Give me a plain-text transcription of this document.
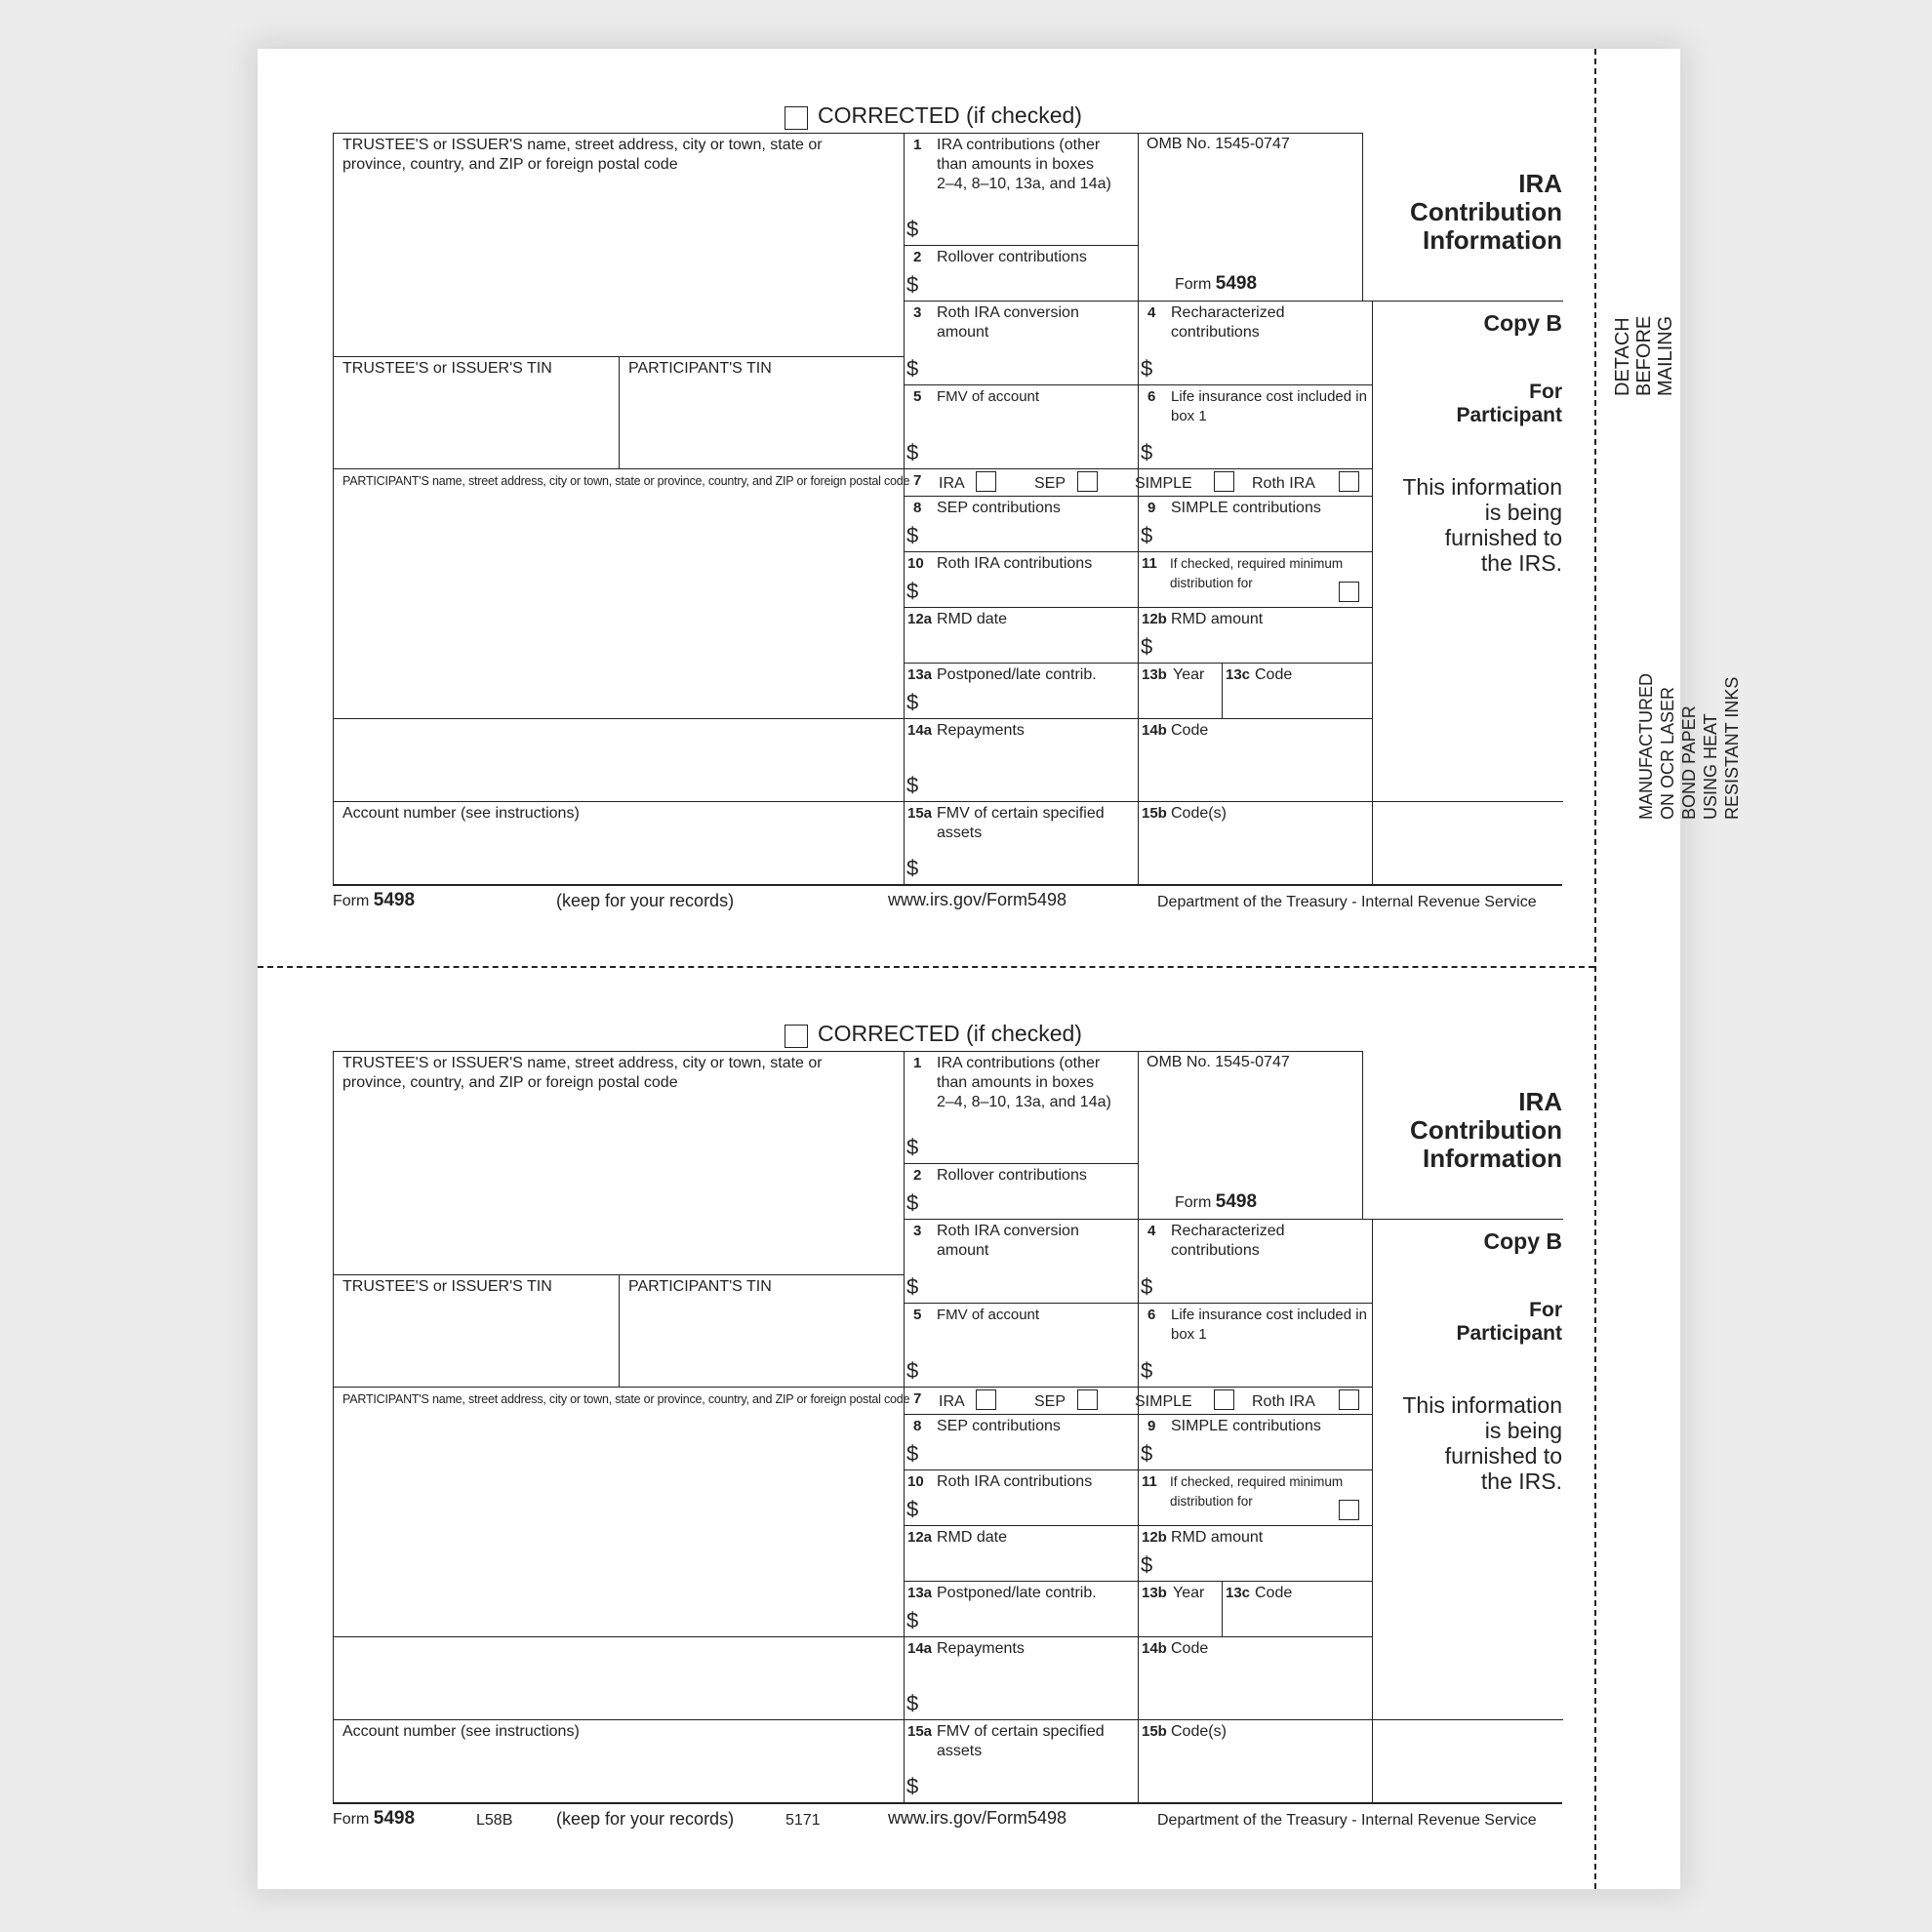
CORRECTED (if checked)
TRUSTEE'S or ISSUER'S name, street address, city or town, state or
province, country, and ZIP or foreign postal code
TRUSTEE'S or ISSUER'S TIN	PARTICIPANT'S TIN
PARTICIPANT'S name, street address, city or town, state or province, country, and ZIP or foreign postal code
Account number (see instructions)
1 IRA contributions (other
than amounts in boxes
2–4, 8–10, 13a, and 14a)
$
2 Rollover contributions
$
OMB No. 1545-0747
Form 5498
3 Roth IRA conversion
amount
$
4 Recharacterized
contributions
$
5 FMV of account
$
6 Life insurance cost included in
box 1
$
7 IRA	SEP	SIMPLE	Roth IRA
8 SEP contributions
$
9 SIMPLE contributions
$
10 Roth IRA contributions
$
11 If checked, required minimum
distribution for
12a RMD date	12b RMD amount
$
13a Postponed/late contrib.
$
13b Year 13c Code
14a Repayments
$
14b Code
15a FMV of certain specified
assets
$
15b Code(s)
IRA
Contribution
Information
Copy B
For
Participant
This information
is being
furnished to
the IRS.
Form 5498	(keep for your records)	www.irs.gov/Form5498	Department of the Treasury - Internal Revenue Service
CORRECTED (if checked)
TRUSTEE'S or ISSUER'S name, street address, city or town, state or
province, country, and ZIP or foreign postal code
TRUSTEE'S or ISSUER'S TIN	PARTICIPANT'S TIN
PARTICIPANT'S name, street address, city or town, state or province, country, and ZIP or foreign postal code
Account number (see instructions)
1 IRA contributions (other
than amounts in boxes
2–4, 8–10, 13a, and 14a)
$
2 Rollover contributions
$
OMB No. 1545-0747
Form 5498
3 Roth IRA conversion
amount
$
4 Recharacterized
contributions
$
5 FMV of account
$
6 Life insurance cost included in
box 1
$
7 IRA	SEP	SIMPLE	Roth IRA
8 SEP contributions
$
9 SIMPLE contributions
$
10 Roth IRA contributions
$
11 If checked, required minimum
distribution for
12a RMD date	12b RMD amount
$
13a Postponed/late contrib.
$
13b Year 13c Code
14a Repayments
$
14b Code
15a FMV of certain specified
assets
$
15b Code(s)
IRA
Contribution
Information
Copy B
For
Participant
This information
is being
furnished to
the IRS.
Form 5498	L58B (keep for your records)	5171	www.irs.gov/Form5498	Department of the Treasury - Internal Revenue Service
DETACH BEFORE MAILING
MANUFACTURED ON OCR LASER BOND PAPER USING HEAT RESISTANT INKS
